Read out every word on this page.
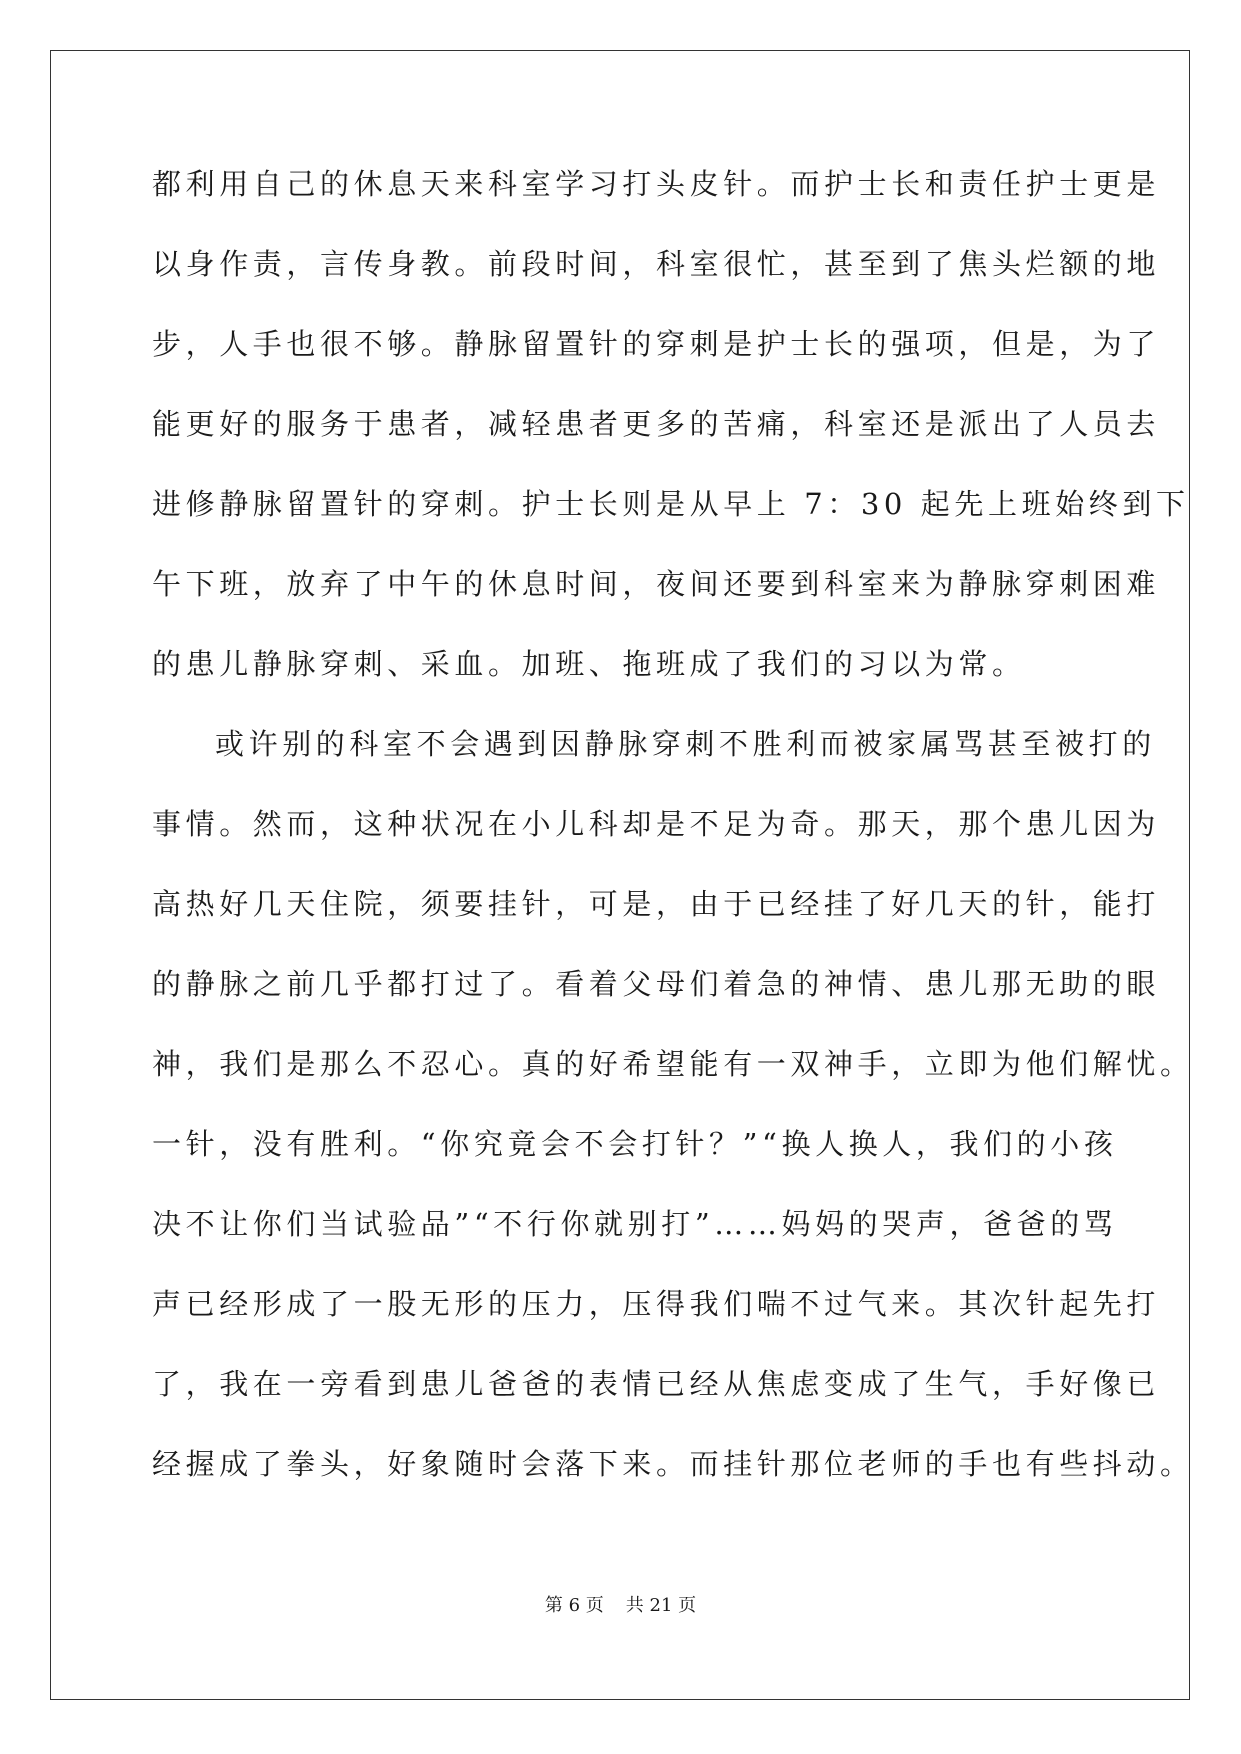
都利用自己的休息天来科室学习打头皮针。而护士长和责任护士更是
以身作责，言传身教。前段时间，科室很忙，甚至到了焦头烂额的地
步，人手也很不够。静脉留置针的穿刺是护士长的强项，但是，为了
能更好的服务于患者，减轻患者更多的苦痛，科室还是派出了人员去
进修静脉留置针的穿刺。护士长则是从早上 7：30 起先上班始终到下
午下班，放弃了中午的休息时间，夜间还要到科室来为静脉穿刺困难
的患儿静脉穿刺、采血。加班、拖班成了我们的习以为常。
或许别的科室不会遇到因静脉穿刺不胜利而被家属骂甚至被打的
事情。然而，这种状况在小儿科却是不足为奇。那天，那个患儿因为
高热好几天住院，须要挂针，可是，由于已经挂了好几天的针，能打
的静脉之前几乎都打过了。看着父母们着急的神情、患儿那无助的眼
神，我们是那么不忍心。真的好希望能有一双神手，立即为他们解忧。
一针，没有胜利。“你究竟会不会打针？”“换人换人，我们的小孩
决不让你们当试验品”“不行你就别打”……妈妈的哭声，爸爸的骂
声已经形成了一股无形的压力，压得我们喘不过气来。其次针起先打
了，我在一旁看到患儿爸爸的表情已经从焦虑变成了生气，手好像已
经握成了拳头，好象随时会落下来。而挂针那位老师的手也有些抖动。
第 6 页 共 21 页
